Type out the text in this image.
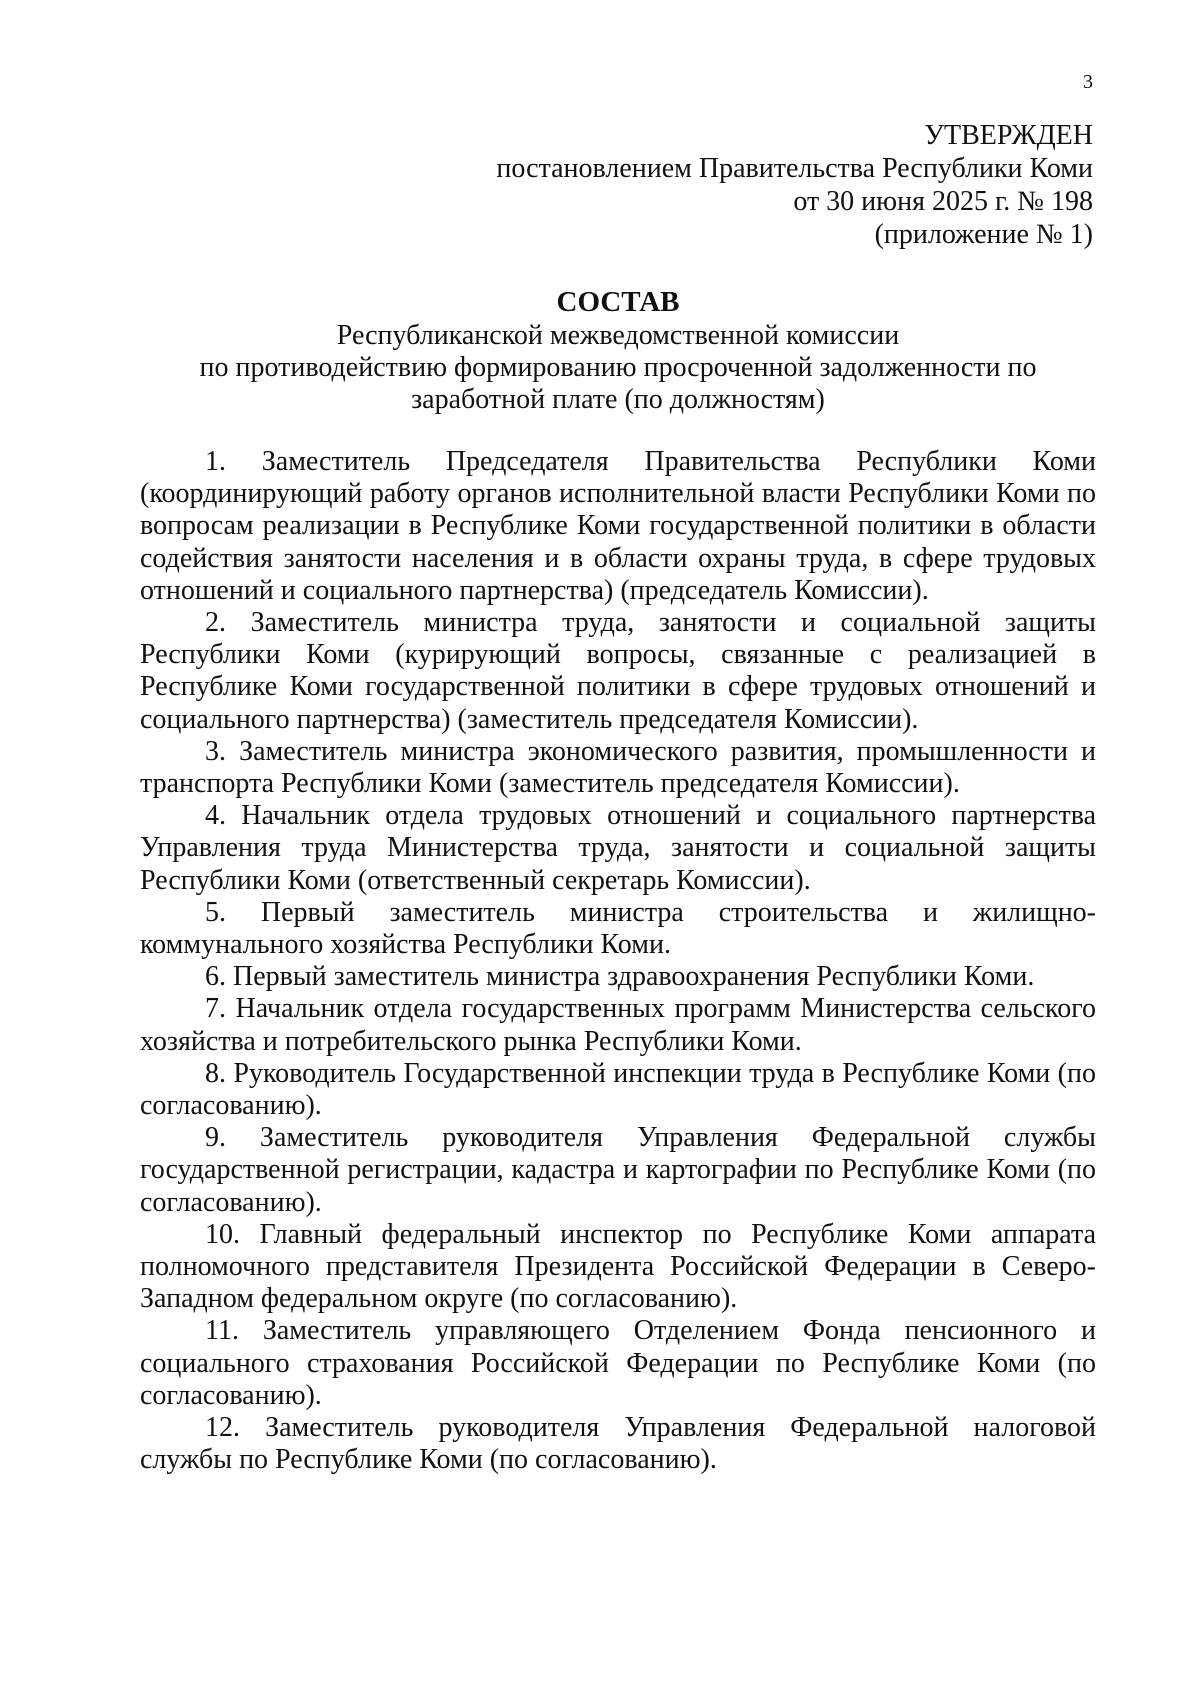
3
УТВЕРЖДЕН
постановлением Правительства Республики Коми
от 30 июня 2025 г. № 198
(приложение № 1)
СОСТАВ
Республиканской межведомственной комиссии
по противодействию формированию просроченной задолженности по
заработной плате (по должностям)

1. Заместитель Председателя Правительства Республики Коми (координирующий работу органов исполнительной власти Республики Коми по вопросам реализации в Республике Коми государственной политики в области содействия занятости населения и в области охраны труда, в сфере трудовых отношений и социального партнерства) (председатель Комиссии).

2. Заместитель министра труда, занятости и социальной защиты Республики Коми (курирующий вопросы, связанные с реализацией в Республике Коми государственной политики в сфере трудовых отношений и социального партнерства) (заместитель председателя Комиссии).

3. Заместитель министра экономического развития, промышленности и транспорта Республики Коми (заместитель председателя Комиссии).

4. Начальник отдела трудовых отношений и социального партнерства Управления труда Министерства труда, занятости и социальной защиты Республики Коми (ответственный секретарь Комиссии).

5. Первый заместитель министра строительства и жилищно-коммунального хозяйства Республики Коми.

6. Первый заместитель министра здравоохранения Республики Коми.

7. Начальник отдела государственных программ Министерства сельского хозяйства и потребительского рынка Республики Коми.

8. Руководитель Государственной инспекции труда в Республике Коми (по согласованию).

9. Заместитель руководителя Управления Федеральной службы государственной регистрации, кадастра и картографии по Республике Коми (по согласованию).

10. Главный федеральный инспектор по Республике Коми аппарата полномочного представителя Президента Российской Федерации в Северо-Западном федеральном округе (по согласованию).

11. Заместитель управляющего Отделением Фонда пенсионного и социального страхования Российской Федерации по Республике Коми (по согласованию).

12. Заместитель руководителя Управления Федеральной налоговой службы по Республике Коми (по согласованию).
